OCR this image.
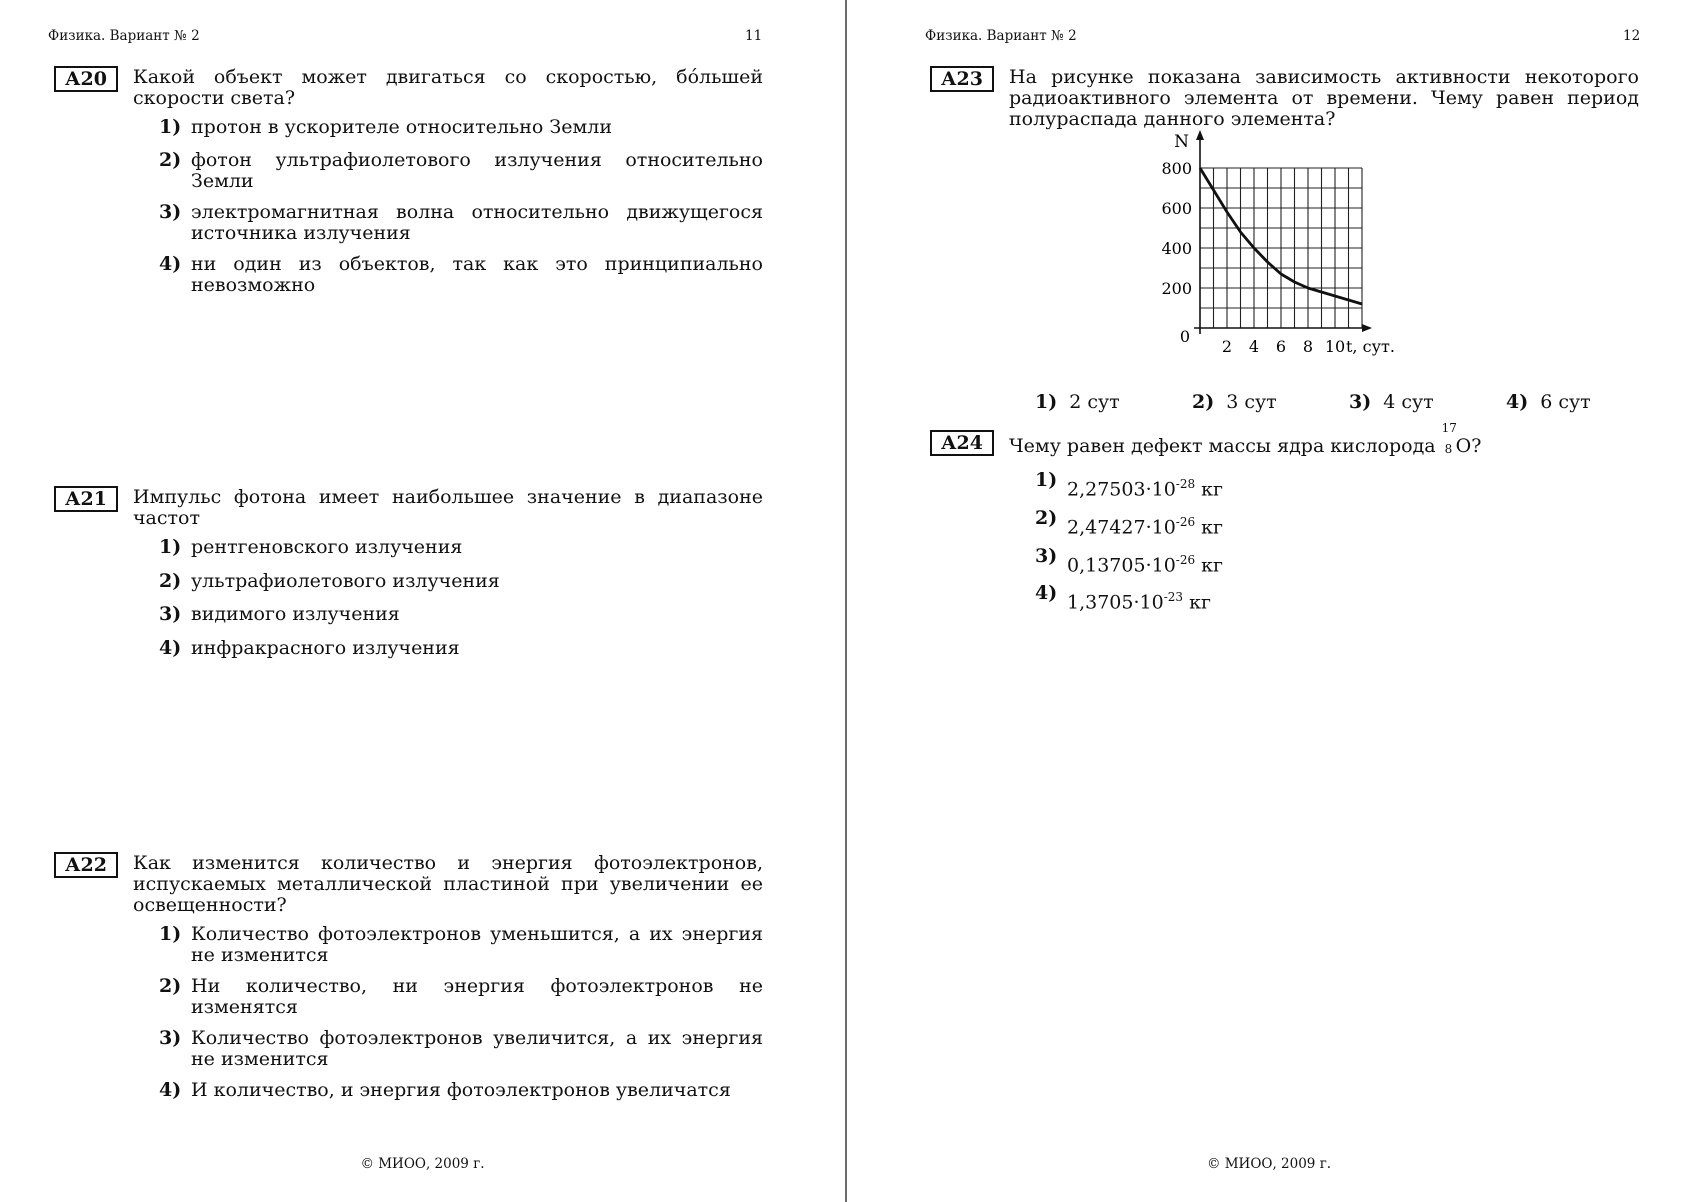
Физика. Вариант № 2	11
А20	Какой объект может двигаться со скоростью, бóльшей скорости света?
1) протон в ускорителе относительно Земли
2) фотон ультрафиолетового излучения относительно Земли
3) электромагнитная волна относительно движущегося источника излучения
4) ни один из объектов, так как это принципиально невозможно
А21	Импульс фотона имеет наибольшее значение в диапазоне частот
1) рентгеновского излучения
2) ультрафиолетового излучения
3) видимого излучения
4) инфракрасного излучения
А22	Как изменится количество и энергия фотоэлектронов, испускаемых металлической пластиной при увеличении ее освещенности?
1) Количество фотоэлектронов уменьшится, а их энергия не изменится
2) Ни количество, ни энергия фотоэлектронов не изменятся
3) Количество фотоэлектронов увеличится, а их энергия не изменится
4) И количество, и энергия фотоэлектронов увеличатся
© МИОО, 2009 г.
Физика. Вариант № 2	12
А23	На рисунке показана зависимость активности некоторого радиоактивного элемента от времени. Чему равен период полураспада данного элемента?
200
400
600
800
0
2 4 6 8 10
N
t, сут.
1) 2 сут	2) 3 сут	3) 4 сут	4) 6 сут
А24	Чему равен дефект массы ядра кислорода
17
8 O?
1) $2,27503\cdot 10^{-28}$ кг
2) $2,47427\cdot 10^{-26}$ кг
3) $0,13705\cdot 10^{-26}$ кг
4) $1,3705\cdot 10^{-23}$ кг
© МИОО, 2009 г.
